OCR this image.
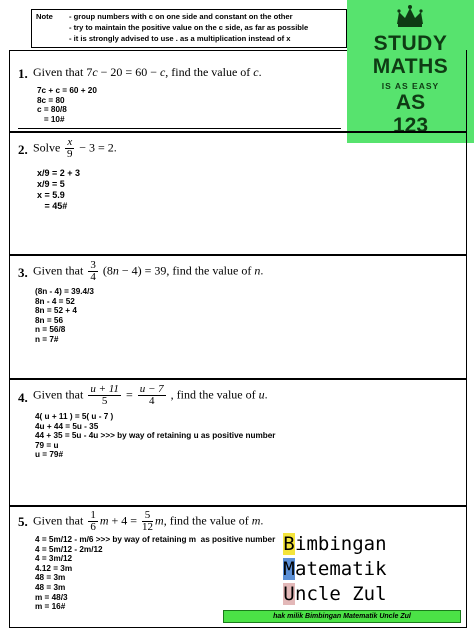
Note - group numbers with c on one side and constant on the other
- try to maintain the positive value on the c side, as far as possible
- it is strongly advised to use . as a multiplication instead of x	STUDY
MATHS
IS AS EASY
AS
123
1. Given that 7c − 20 = 60 − c, find the value of c.
7c + c = 60 + 20
8c = 80
c = 80/8
= 10#
2. Solve $\frac{x}{9} - 3 = 2$.
x/9 = 2 + 3
x/9 = 5
x = 5.9
= 45#
3. Given that $\frac{3}{4} (8n - 4) = 39$, find the value of n.
(8n - 4) = 39.4/3
8n - 4 = 52
8n = 52 + 4
8n = 56
n = 56/8
n = 7#
4. Given that $\frac{u + 11}{5} = \frac{u - 7}{4}$ , find the value of u.
4( u + 11 ) = 5( u - 7 )
4u + 44 = 5u - 35
44 + 35 = 5u - 4u >>> by way of retaining u as positive number
79 = u
u = 79#
5. Given that $\frac{1}{6}$ $m + 4 = \frac{5}{12} m$, find the value of m.
4 = 5m/12 - m/6 >>> by way of retaining m  as positive number
4 = 5m/12 - 2m/12
4 = 3m/12
4.12 = 3m
48 = 3m
48 = 3m
m = 48/3
m = 16#
Bimbingan
Matematik
Uncle Zul
hak milik Bimbingan Matematik Uncle Zul
